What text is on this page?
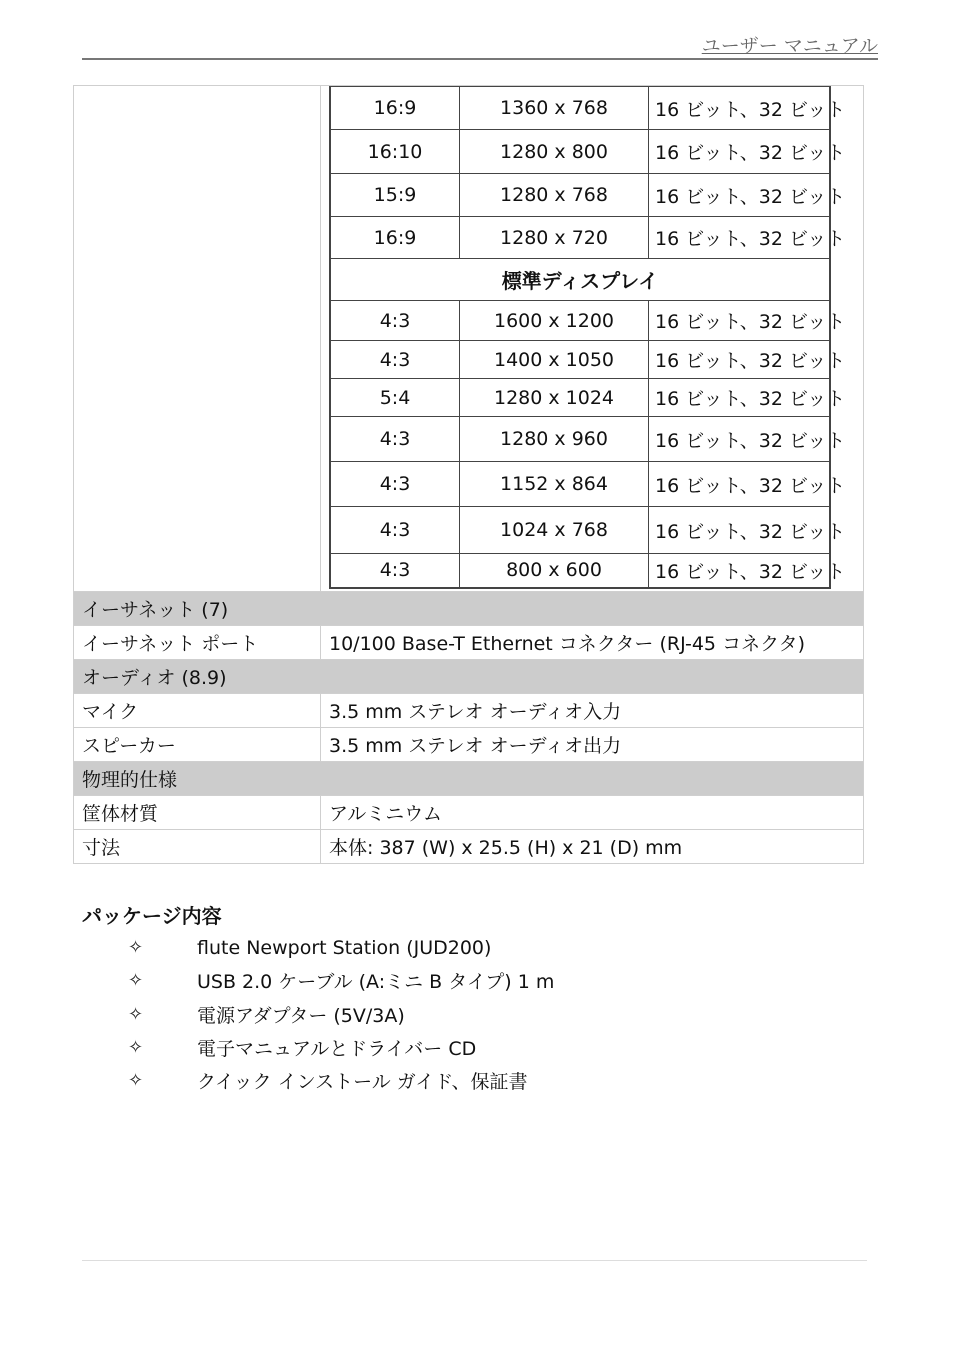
ユーザー マニュアル

16:9	1360 x 768	16 ビット、32 ビット
16:10	1280 x 800	16 ビット、32 ビット
15:9	1280 x 768	16 ビット、32 ビット
16:9	1280 x 720	16 ビット、32 ビット
標準ディスプレイ
4:3	1600 x 1200	16 ビット、32 ビット
4:3	1400 x 1050	16 ビット、32 ビット
5:4	1280 x 1024	16 ビット、32 ビット
4:3	1280 x 960	16 ビット、32 ビット
4:3	1152 x 864	16 ビット、32 ビット
4:3	1024 x 768	16 ビット、32 ビット
4:3	800 x 600	16 ビット、32 ビット

イーサネット (7)
イーサネット ポート	10/100 Base-T Ethernet コネクター (RJ-45 コネクタ)
オーディオ (8.9)
マイク	3.5 mm ステレオ オーディオ入力
スピーカー	3.5 mm ステレオ オーディオ出力
物理的仕様
筐体材質	アルミニウム
寸法	本体: 387 (W) x 25.5 (H) x 21 (D) mm
パッケージ内容
✧	flute Newport Station (JUD200)
✧	USB 2.0 ケーブル (A:ミニ B タイプ) 1 m
✧	電源アダプター (5V/3A)
✧	電子マニュアルとドライバー CD
✧	クイック インストール ガイド、保証書
